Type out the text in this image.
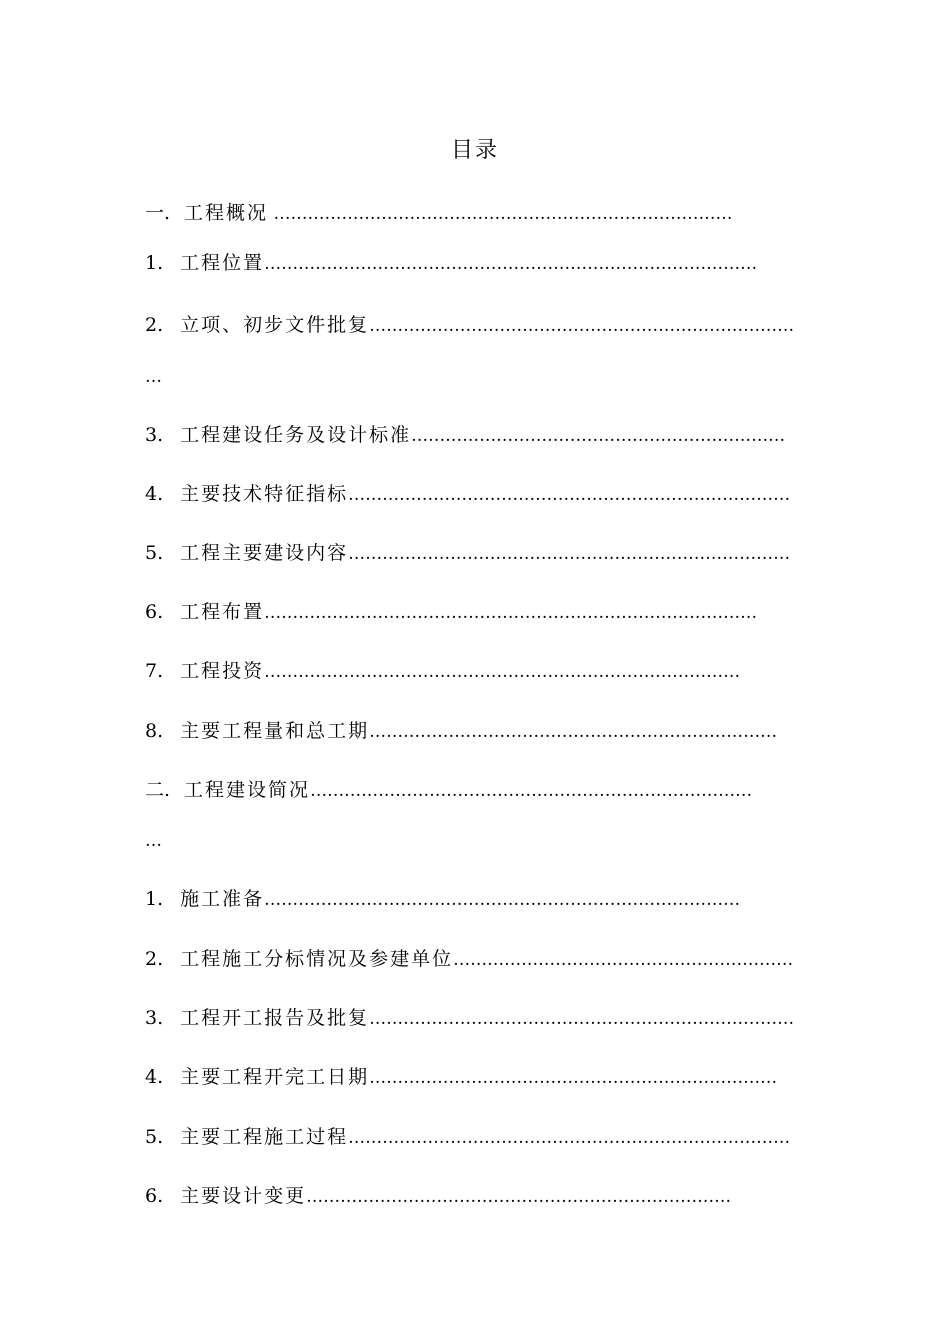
目录
一. 工程概况 ………………………………………………………………………
1. 工程位置……………………………………………………………………………
2. 立项、初步文件批复…………………………………………………………………
…
3. 工程建设任务及设计标准…………………………………………………………
4. 主要技术特征指标……………………………………………………………………
5. 工程主要建设内容……………………………………………………………………
6. 工程布置……………………………………………………………………………
7. 工程投资…………………………………………………………………………
8. 主要工程量和总工期………………………………………………………………
二. 工程建设简况……………………………………………………………………
…
1. 施工准备…………………………………………………………………………
2. 工程施工分标情况及参建单位……………………………………………………
3. 工程开工报告及批复…………………………………………………………………
4. 主要工程开完工日期………………………………………………………………
5. 主要工程施工过程……………………………………………………………………
6. 主要设计变更…………………………………………………………………
